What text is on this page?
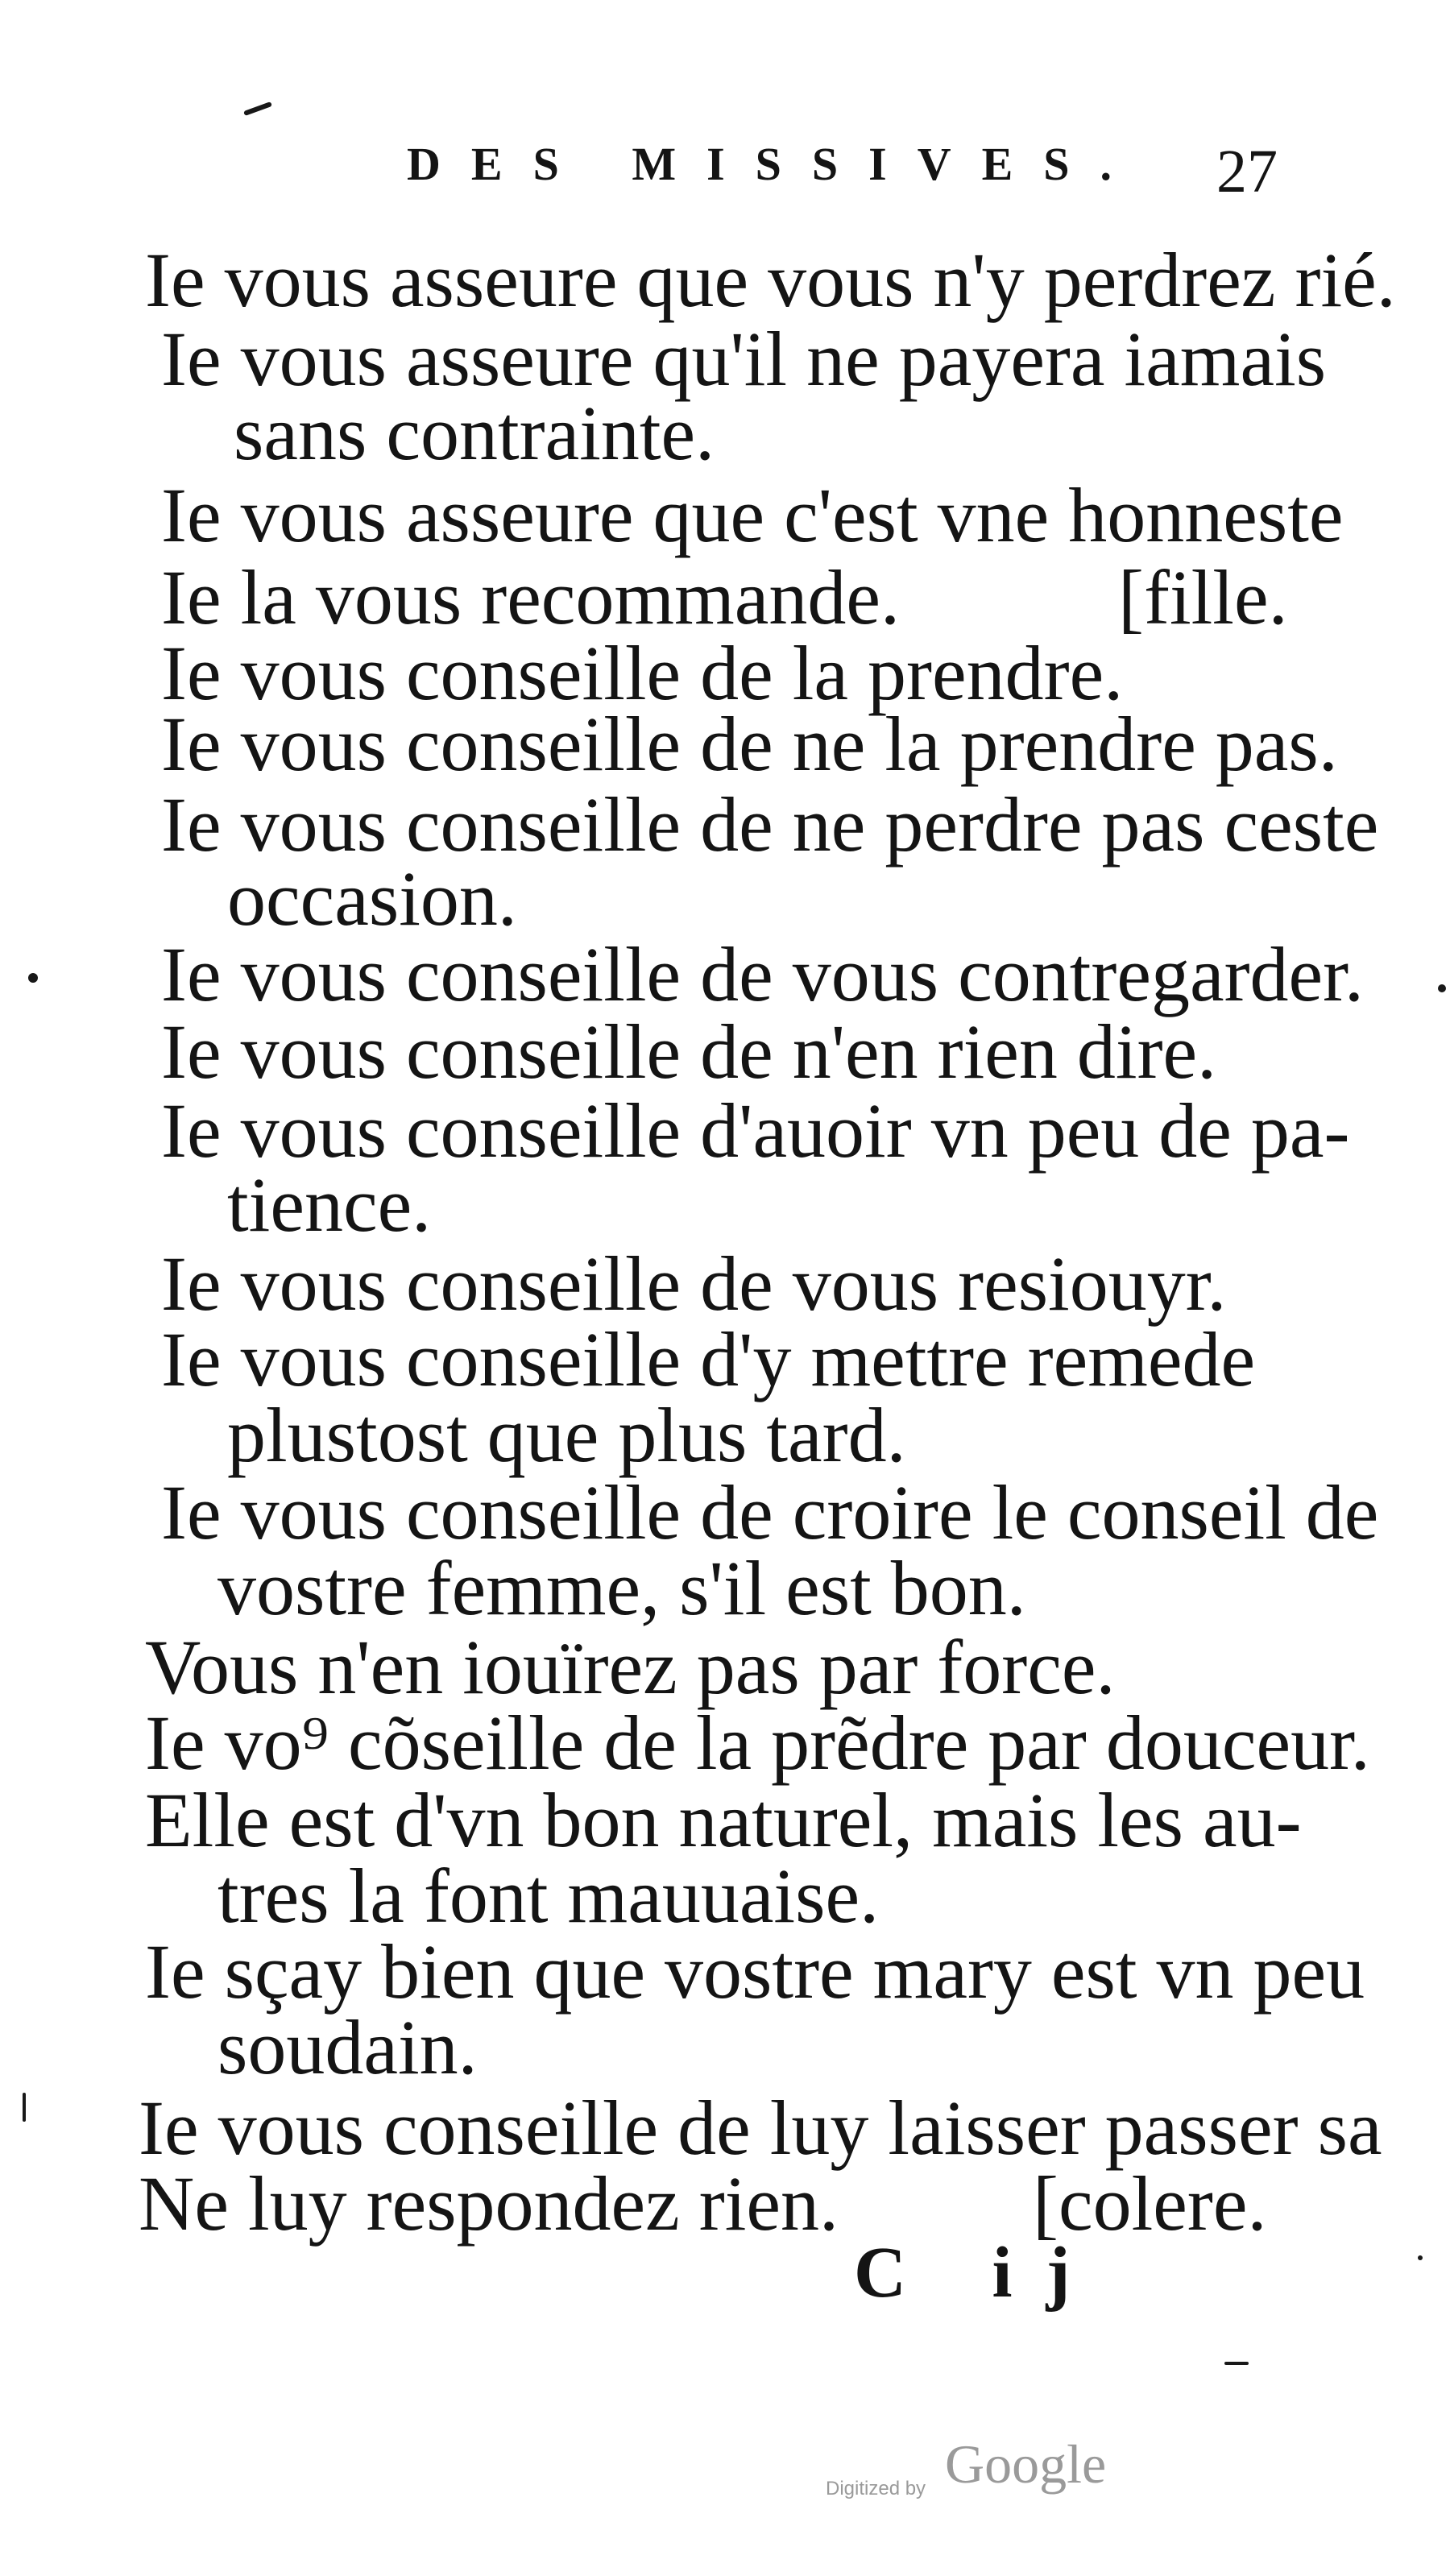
DES MISSIVES. 27
Ie vous asseure que vous n'y perdrez rié.
Ie vous asseure qu'il ne payera iamais
sans contrainte.
Ie vous asseure que c'est vne honneste
Ie la vous recommande.	[fille.
Ie vous conseille de la prendre.
Ie vous conseille de ne la prendre pas.
Ie vous conseille de ne perdre pas ceste
occasion.
Ie vous conseille de vous contregarder.
Ie vous conseille de n'en rien dire.
Ie vous conseille d'auoir vn peu de pa-
tience.
Ie vous conseille de vous resiouyr.
Ie vous conseille d'y mettre remede
plustost que plus tard.
Ie vous conseille de croire le conseil de
vostre femme, s'il est bon.
Vous n'en iouïrez pas par force.
Ie vo⁹ cõseille de la prẽdre par douceur.
Elle est d'vn bon naturel, mais les au-
tres la font mauuaise.
Ie sçay bien que vostre mary est vn peu
soudain.
Ie vous conseille de luy laisser passer sa
Ne luy respondez rien.	[colere.
C ij
Digitized by Google
